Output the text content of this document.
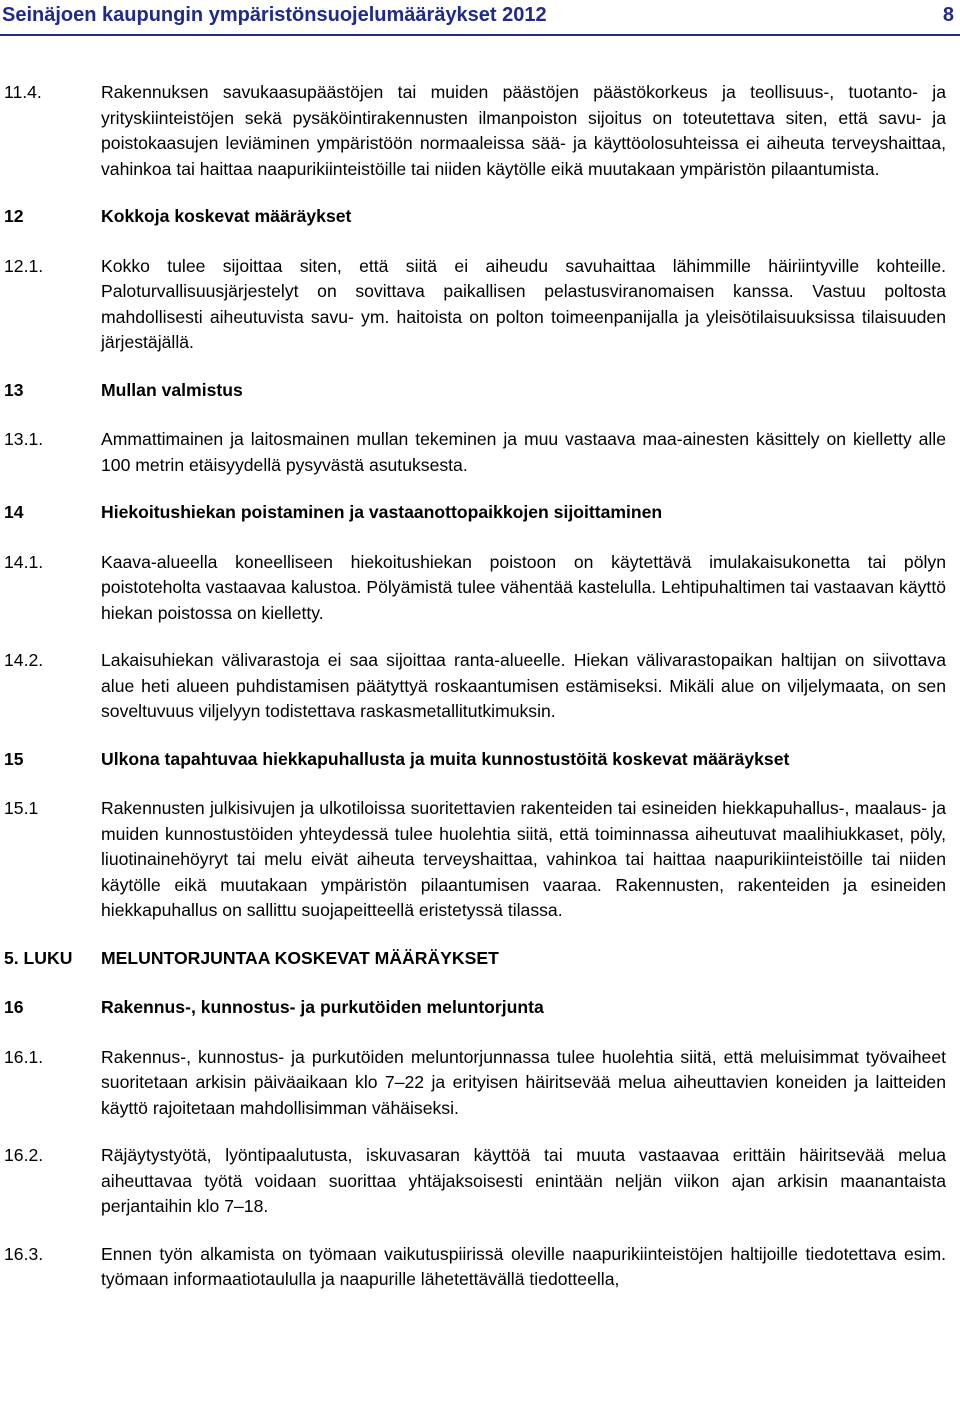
Seinäjoen kaupungin ympäristönsuojelumääräykset 2012	8
11.4.	Rakennuksen savukaasupäästöjen tai muiden päästöjen päästökorkeus ja teollisuus-, tuotanto- ja yrityskiinteistöjen sekä pysäköintirakennusten ilmanpoiston sijoitus on toteutettava siten, että savu- ja poistokaasujen leviäminen ympäristöön normaaleissa sää- ja käyttöolosuhteissa ei aiheuta terveyshaittaa, vahinkoa tai haittaa naapurikiinteistöille tai niiden käytölle eikä muutakaan ympäristön pilaantumista.
12	Kokkoja koskevat määräykset
12.1.	Kokko tulee sijoittaa siten, että siitä ei aiheudu savuhaittaa lähimmille häiriintyville kohteille. Paloturvallisuusjärjestelyt on sovittava paikallisen pelastusviranomaisen kanssa. Vastuu poltosta mahdollisesti aiheutuvista savu- ym. haitoista on polton toimeenpanijalla ja yleisötilaisuuksissa tilaisuuden järjestäjällä.
13	Mullan valmistus
13.1.	Ammattimainen ja laitosmainen mullan tekeminen ja muu vastaava maa-ainesten käsittely on kielletty alle 100 metrin etäisyydellä pysyvästä asutuksesta.
14	Hiekoitushiekan poistaminen ja vastaanottopaikkojen sijoittaminen
14.1.	Kaava-alueella koneelliseen hiekoitushiekan poistoon on käytettävä imulakaisukonetta tai pölyn poistoteholta vastaavaa kalustoa. Pölyämistä tulee vähentää kastelulla. Lehtipuhaltimen tai vastaavan käyttö hiekan poistossa on kielletty.
14.2.	Lakaisuhiekan välivarastoja ei saa sijoittaa ranta-alueelle. Hiekan välivarastopaikan haltijan on siivottava alue heti alueen puhdistamisen päätyttyä roskaantumisen estämiseksi. Mikäli alue on viljelymaata, on sen soveltuvuus viljelyyn todistettava raskasmetallitutkimuksin.
15	Ulkona tapahtuvaa hiekkapuhallusta ja muita kunnostustöitä koskevat määräykset
15.1	Rakennusten julkisivujen ja ulkotiloissa suoritettavien rakenteiden tai esineiden hiekkapuhallus-, maalaus- ja muiden kunnostustöiden yhteydessä tulee huolehtia siitä, että toiminnassa aiheutuvat maalihiukkaset, pöly, liuotinainehöyryt tai melu eivät aiheuta terveyshaittaa, vahinkoa tai haittaa naapurikiinteistöille tai niiden käytölle eikä muutakaan ympäristön pilaantumisen vaaraa. Rakennusten, rakenteiden ja esineiden hiekkapuhallus on sallittu suojapeitteellä eristetyssä tilassa.
5. LUKU	MELUNTORJUNTAA KOSKEVAT MÄÄRÄYKSET
16	Rakennus-, kunnostus- ja purkutöiden meluntorjunta
16.1.	Rakennus-, kunnostus- ja purkutöiden meluntorjunnassa tulee huolehtia siitä, että meluisimmat työvaiheet suoritetaan arkisin päiväaikaan klo 7–22 ja erityisen häiritsevää melua aiheuttavien koneiden ja laitteiden käyttö rajoitetaan mahdollisimman vähäiseksi.
16.2.	Räjäytystyötä, lyöntipaalutusta, iskuvasaran käyttöä tai muuta vastaavaa erittäin häiritsevää melua aiheuttavaa työtä voidaan suorittaa yhtäjaksoisesti enintään neljän viikon ajan arkisin maanantaista perjantaihin klo 7–18.
16.3.	Ennen työn alkamista on työmaan vaikutuspiirissä oleville naapurikiinteistöjen haltijoille tiedotettava esim. työmaan informaatiotaululla ja naapurille lähetettävällä tiedotteella,
